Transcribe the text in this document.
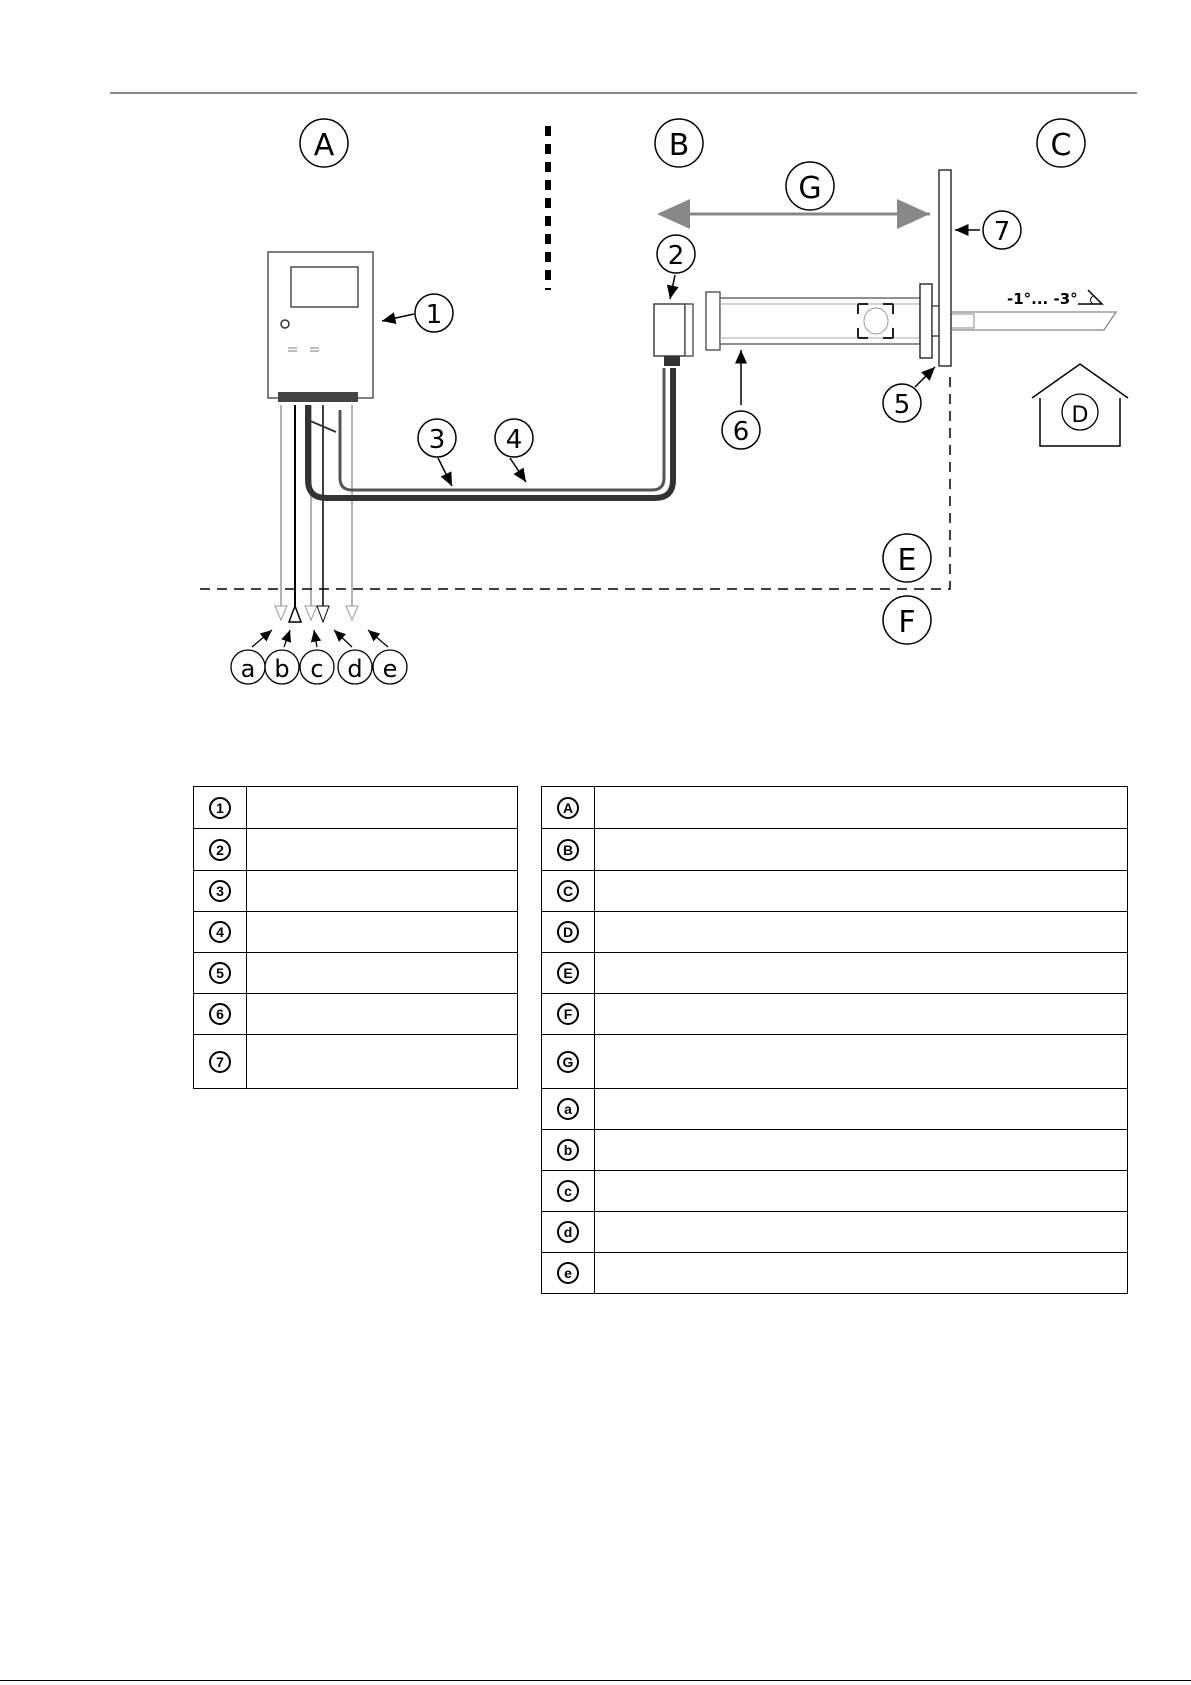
A	B	C
G
1
a b c d e
3 4
2
6
7
5
-1°... -3°
D
E
F
1	
2	
3	
4	
5	
6	
7	
A	
B	
C	
D	
E	
F	
G	
a	
b	
c	
d	
e	
